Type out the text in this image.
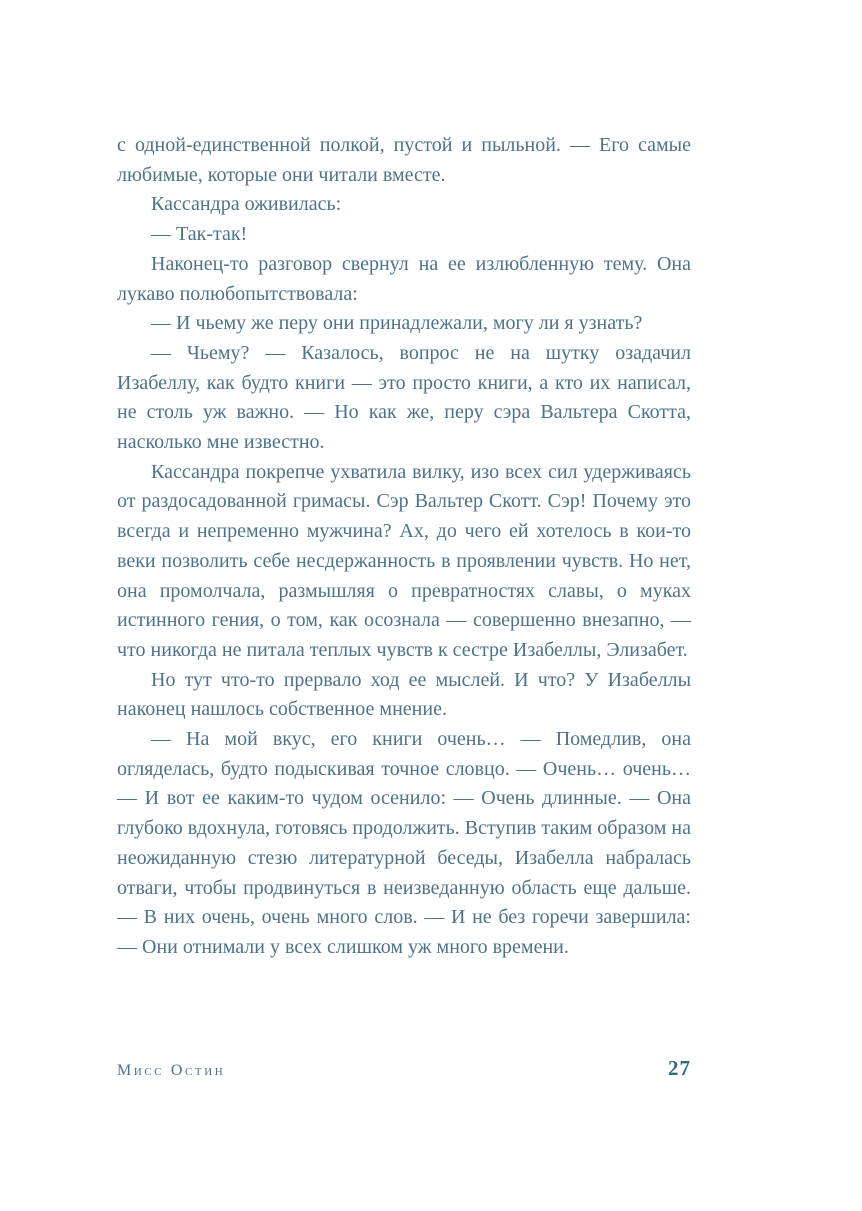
с одной-единственной полкой, пустой и пыльной. — Его самые любимые, которые они читали вместе.

Кассандра оживилась:

— Так-так!

Наконец-то разговор свернул на ее излюбленную тему. Она лукаво полюбопытствовала:

— И чьему же перу они принадлежали, могу ли я узнать?

— Чьему? — Казалось, вопрос не на шутку озадачил Изабеллу, как будто книги — это просто книги, а кто их написал, не столь уж важно. — Но как же, перу сэра Вальтера Скотта, насколько мне известно.

Кассандра покрепче ухватила вилку, изо всех сил удерживаясь от раздосадованной гримасы. Сэр Вальтер Скотт. Сэр! Почему это всегда и непременно мужчина? Ах, до чего ей хотелось в кои-то веки позволить себе несдержанность в проявлении чувств. Но нет, она промолчала, размышляя о превратностях славы, о муках истинного гения, о том, как осознала — совершенно внезапно, — что никогда не питала теплых чувств к сестре Изабеллы, Элизабет.

Но тут что-то прервало ход ее мыслей. И что? У Изабеллы наконец нашлось собственное мнение.

— На мой вкус, его книги очень… — Помедлив, она огляделась, будто подыскивая точное словцо. — Очень… очень… — И вот ее каким-то чудом осенило: — Очень длинные. — Она глубоко вдохнула, готовясь продолжить. Вступив таким образом на неожиданную стезю литературной беседы, Изабелла набралась отваги, чтобы продвинуться в неизведанную область еще дальше. — В них очень, очень много слов. — И не без горечи завершила: — Они отнимали у всех слишком уж много времени.

Мисс Остин	27
